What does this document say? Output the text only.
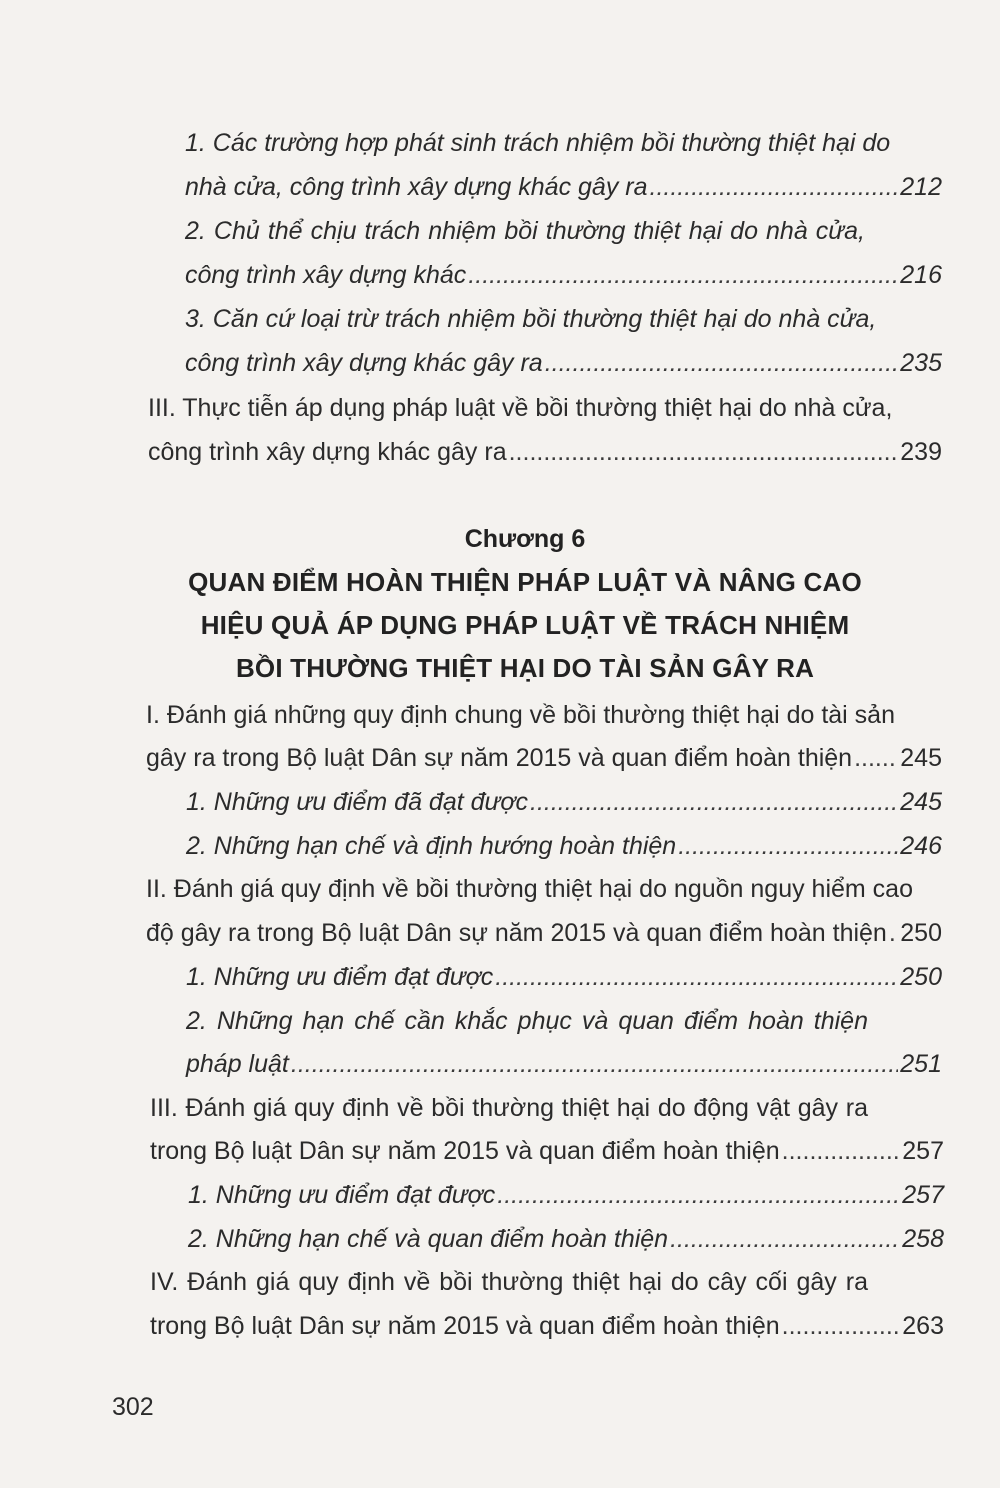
1. Các trường hợp phát sinh trách nhiệm bồi thường thiệt hại do
nhà cửa, công trình xây dựng khác gây ra .....	212
2. Chủ thể chịu trách nhiệm bồi thường thiệt hại do nhà cửa,
công trình xây dựng khác .....	216
3. Căn cứ loại trừ trách nhiệm bồi thường thiệt hại do nhà cửa,
công trình xây dựng khác gây ra .....	235
III. Thực tiễn áp dụng pháp luật về bồi thường thiệt hại do nhà cửa,
công trình xây dựng khác gây ra .....	239
Chương 6
QUAN ĐIỂM HOÀN THIỆN PHÁP LUẬT VÀ NÂNG CAO
HIỆU QUẢ ÁP DỤNG PHÁP LUẬT VỀ TRÁCH NHIỆM
BỒI THƯỜNG THIỆT HẠI DO TÀI SẢN GÂY RA
I. Đánh giá những quy định chung về bồi thường thiệt hại do tài sản
gây ra trong Bộ luật Dân sự năm 2015 và quan điểm hoàn thiện ..... 245
1. Những ưu điểm đã đạt được .....	245
2. Những hạn chế và định hướng hoàn thiện .....	246
II. Đánh giá quy định về bồi thường thiệt hại do nguồn nguy hiểm cao
độ gây ra trong Bộ luật Dân sự năm 2015 và quan điểm hoàn thiện ..... 250
1. Những ưu điểm đạt được .....	250
2. Những hạn chế cần khắc phục và quan điểm hoàn thiện
pháp luật .....	251
III. Đánh giá quy định về bồi thường thiệt hại do động vật gây ra
trong Bộ luật Dân sự năm 2015 và quan điểm hoàn thiện .....	257
1. Những ưu điểm đạt được .....	257
2. Những hạn chế và quan điểm hoàn thiện .....	258
IV. Đánh giá quy định về bồi thường thiệt hại do cây cối gây ra
trong Bộ luật Dân sự năm 2015 và quan điểm hoàn thiện .....	263
302
